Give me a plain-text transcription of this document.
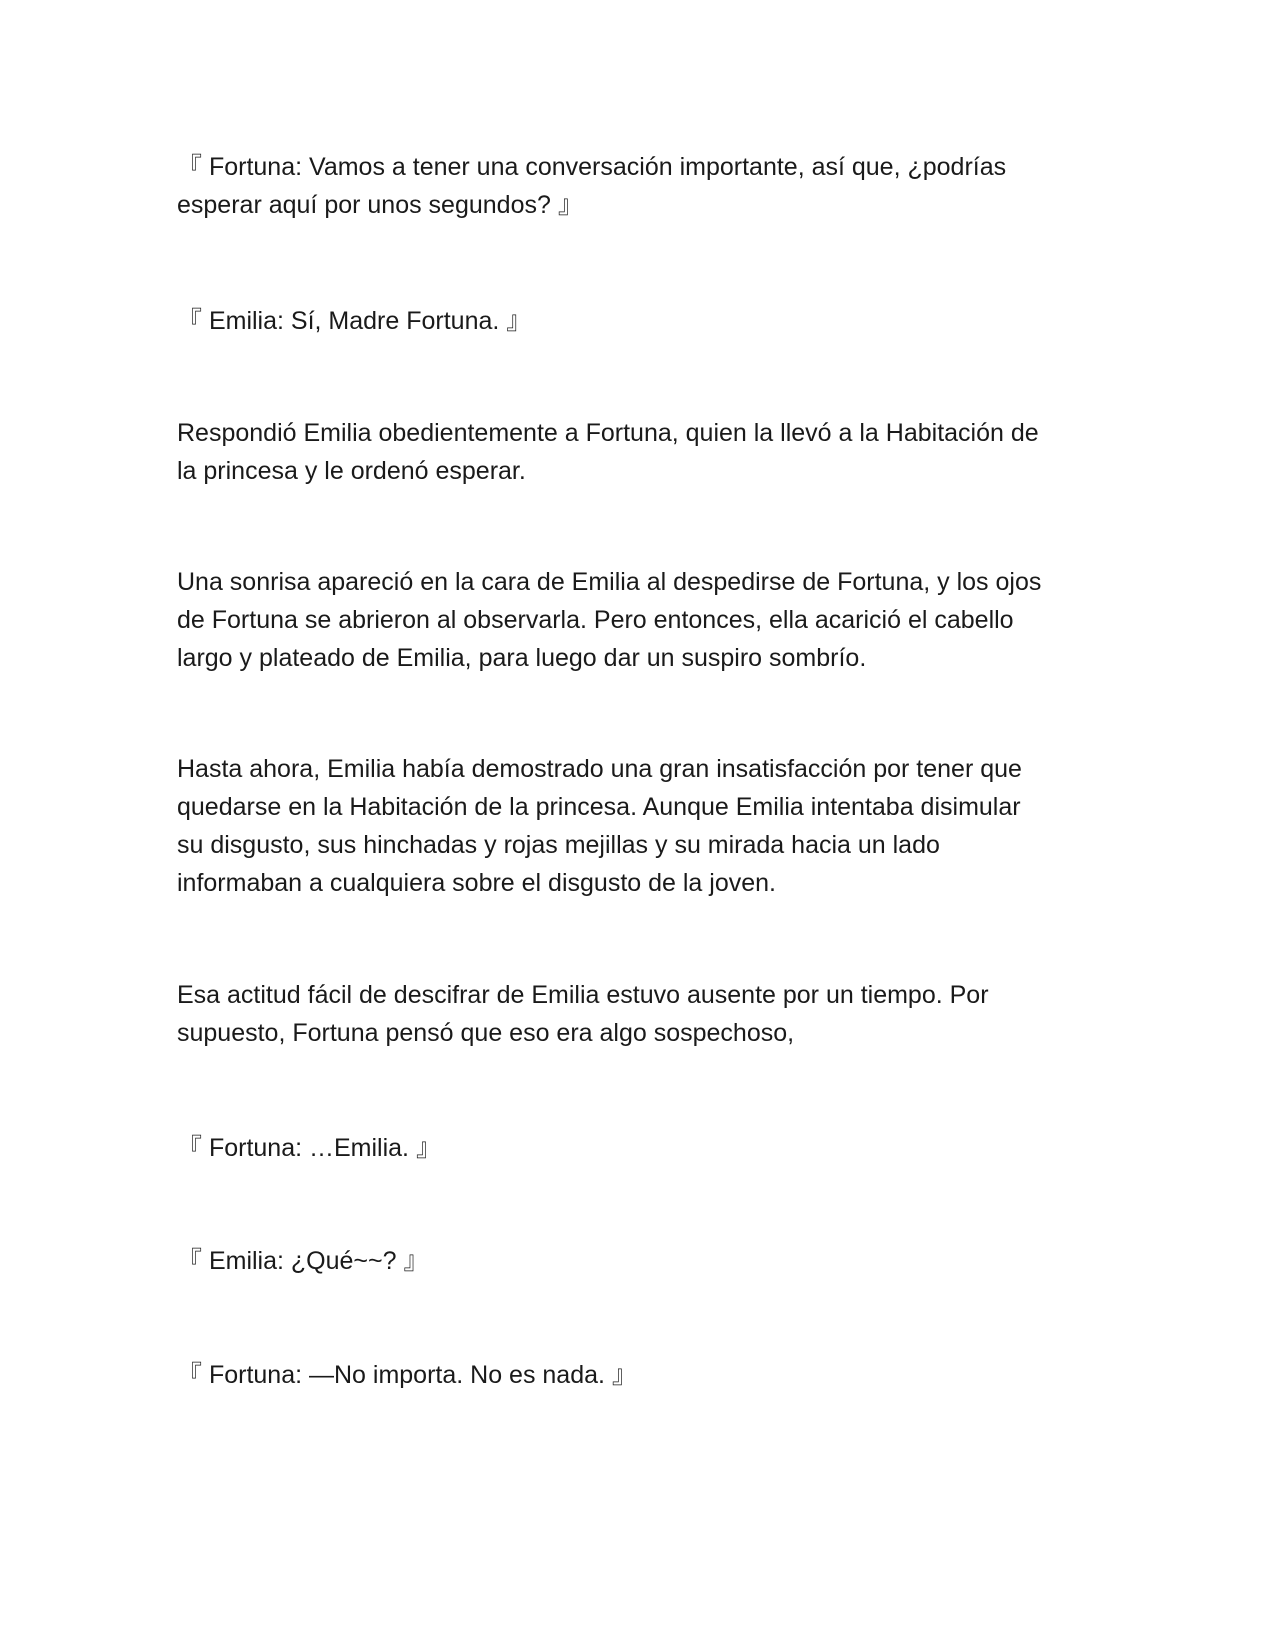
『 Fortuna: Vamos a tener una conversación importante, así que, ¿podrías
esperar aquí por unos segundos? 』

『 Emilia: Sí, Madre Fortuna. 』

Respondió Emilia obedientemente a Fortuna, quien la llevó a la Habitación de
la princesa y le ordenó esperar.

Una sonrisa apareció en la cara de Emilia al despedirse de Fortuna, y los ojos
de Fortuna se abrieron al observarla. Pero entonces, ella acarició el cabello
largo y plateado de Emilia, para luego dar un suspiro sombrío.

Hasta ahora, Emilia había demostrado una gran insatisfacción por tener que
quedarse en la Habitación de la princesa. Aunque Emilia intentaba disimular
su disgusto, sus hinchadas y rojas mejillas y su mirada hacia un lado
informaban a cualquiera sobre el disgusto de la joven.

Esa actitud fácil de descifrar de Emilia estuvo ausente por un tiempo. Por
supuesto, Fortuna pensó que eso era algo sospechoso,

『 Fortuna: …Emilia. 』

『 Emilia: ¿Qué~~? 』

『 Fortuna: —No importa. No es nada. 』
